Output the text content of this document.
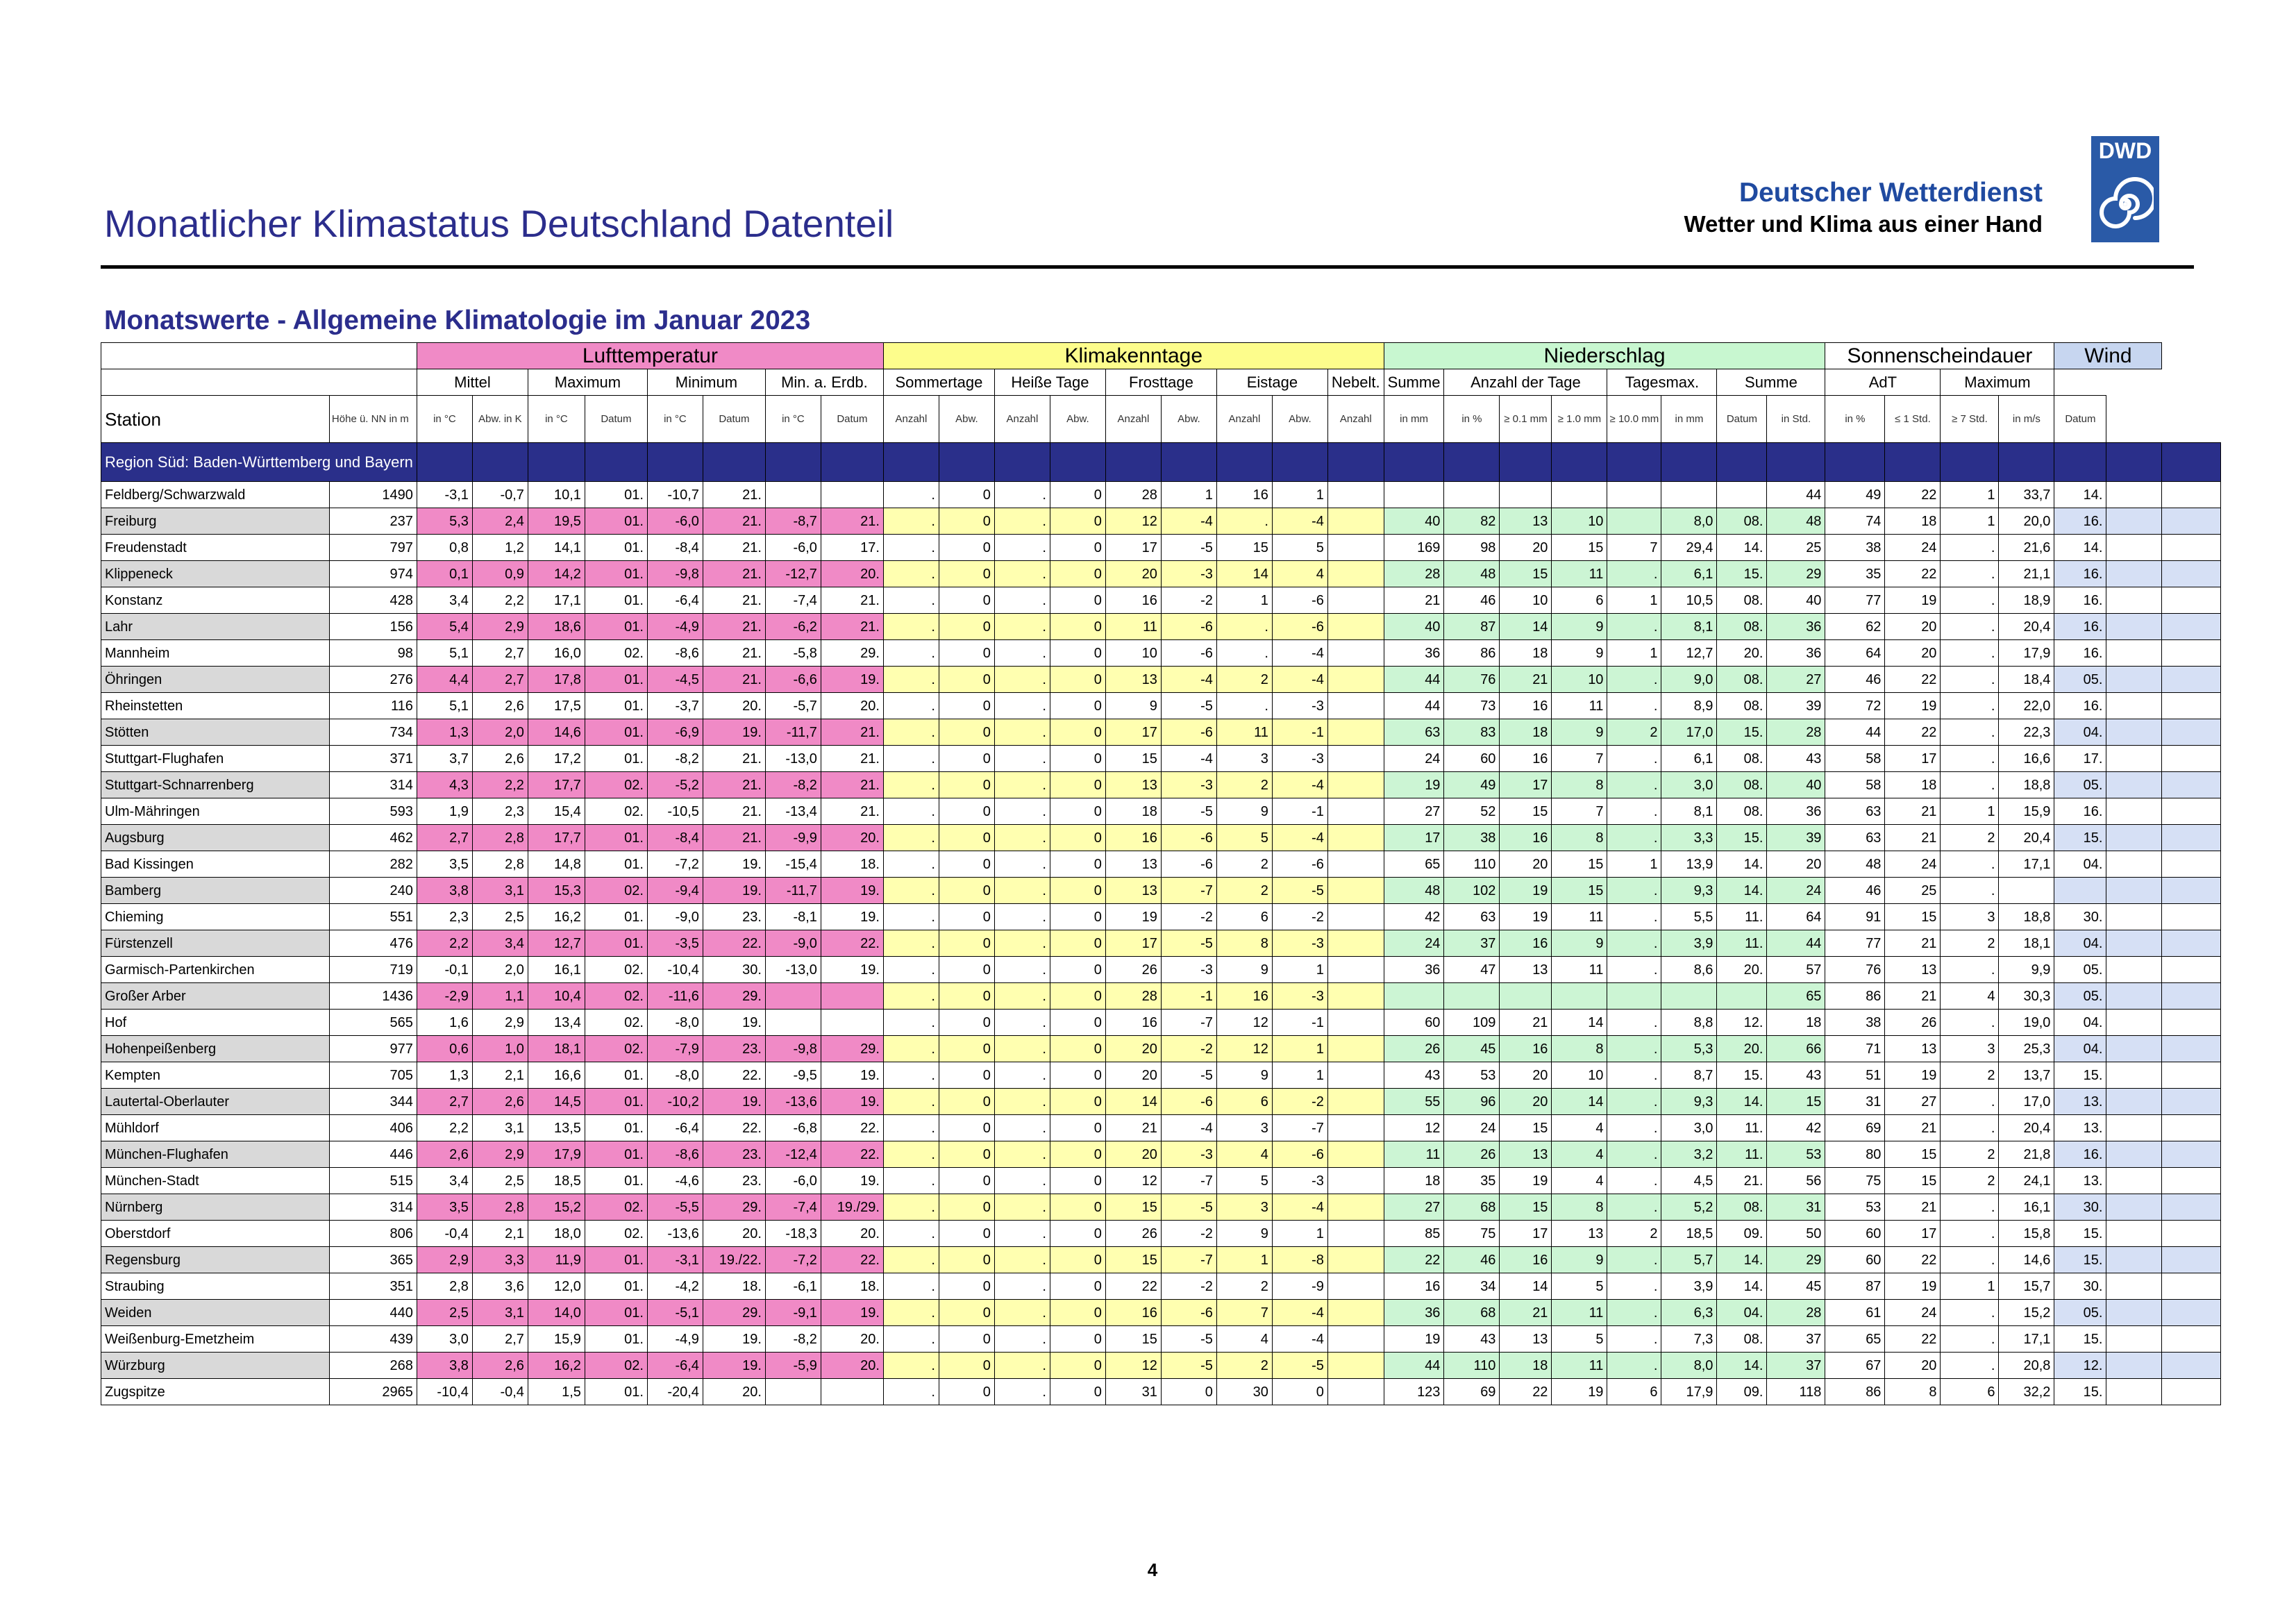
Monatlicher Klimastatus Deutschland Datenteil
Deutscher Wetterdienst
Wetter und Klima aus einer Hand
DWD
Monatswerte - Allgemeine Klimatologie im Januar 2023
		Lufttemperatur								Klimakenntage									Niederschlag								Sonnenscheindauer				Wind		
		Mittel		Maximum		Minimum		Min. a. Erdb.		Sommertage		Heiße Tage		Frosttage		Eistage		Nebelt.	Summe	Anzahl der Tage			Tagesmax.		Summe		AdT		Maximum				
Station	Höhe ü. NN in m	in °C	Abw. in K	in °C	Datum	in °C	Datum	in °C	Datum	Anzahl	Abw.	Anzahl	Abw.	Anzahl	Abw.	Anzahl	Abw.	Anzahl	in mm	in %	≥ 0.1 mm	≥ 1.0 mm	≥ 10.0 mm	in mm	Datum	in Std.	in %	≤ 1 Std.	≥ 7 Std.	in m/s	Datum		
Region Süd: Baden-Württemberg und Bayern																																	
Feldberg/Schwarzwald	1490	-3,1	-0,7	10,1	01.	-10,7	21.			.	0	.	0	28	1	16	1									44	49	22	1	33,7	14.		
Freiburg	237	5,3	2,4	19,5	01.	-6,0	21.	-8,7	21.	.	0	.	0	12	-4	.	-4		40	82	13	10		8,0	08.	48	74	18	1	20,0	16.		
Freudenstadt	797	0,8	1,2	14,1	01.	-8,4	21.	-6,0	17.	.	0	.	0	17	-5	15	5		169	98	20	15	7	29,4	14.	25	38	24	.	21,6	14.		
Klippeneck	974	0,1	0,9	14,2	01.	-9,8	21.	-12,7	20.	.	0	.	0	20	-3	14	4		28	48	15	11	.	6,1	15.	29	35	22	.	21,1	16.		
Konstanz	428	3,4	2,2	17,1	01.	-6,4	21.	-7,4	21.	.	0	.	0	16	-2	1	-6		21	46	10	6	1	10,5	08.	40	77	19	.	18,9	16.		
Lahr	156	5,4	2,9	18,6	01.	-4,9	21.	-6,2	21.	.	0	.	0	11	-6	.	-6		40	87	14	9	.	8,1	08.	36	62	20	.	20,4	16.		
Mannheim	98	5,1	2,7	16,0	02.	-8,6	21.	-5,8	29.	.	0	.	0	10	-6	.	-4		36	86	18	9	1	12,7	20.	36	64	20	.	17,9	16.		
Öhringen	276	4,4	2,7	17,8	01.	-4,5	21.	-6,6	19.	.	0	.	0	13	-4	2	-4		44	76	21	10	.	9,0	08.	27	46	22	.	18,4	05.		
Rheinstetten	116	5,1	2,6	17,5	01.	-3,7	20.	-5,7	20.	.	0	.	0	9	-5	.	-3		44	73	16	11	.	8,9	08.	39	72	19	.	22,0	16.		
Stötten	734	1,3	2,0	14,6	01.	-6,9	19.	-11,7	21.	.	0	.	0	17	-6	11	-1		63	83	18	9	2	17,0	15.	28	44	22	.	22,3	04.		
Stuttgart-Flughafen	371	3,7	2,6	17,2	01.	-8,2	21.	-13,0	21.	.	0	.	0	15	-4	3	-3		24	60	16	7	.	6,1	08.	43	58	17	.	16,6	17.		
Stuttgart-Schnarrenberg	314	4,3	2,2	17,7	02.	-5,2	21.	-8,2	21.	.	0	.	0	13	-3	2	-4		19	49	17	8	.	3,0	08.	40	58	18	.	18,8	05.		
Ulm-Mähringen	593	1,9	2,3	15,4	02.	-10,5	21.	-13,4	21.	.	0	.	0	18	-5	9	-1		27	52	15	7	.	8,1	08.	36	63	21	1	15,9	16.		
Augsburg	462	2,7	2,8	17,7	01.	-8,4	21.	-9,9	20.	.	0	.	0	16	-6	5	-4		17	38	16	8	.	3,3	15.	39	63	21	2	20,4	15.		
Bad Kissingen	282	3,5	2,8	14,8	01.	-7,2	19.	-15,4	18.	.	0	.	0	13	-6	2	-6		65	110	20	15	1	13,9	14.	20	48	24	.	17,1	04.		
Bamberg	240	3,8	3,1	15,3	02.	-9,4	19.	-11,7	19.	.	0	.	0	13	-7	2	-5		48	102	19	15	.	9,3	14.	24	46	25	.				
Chieming	551	2,3	2,5	16,2	01.	-9,0	23.	-8,1	19.	.	0	.	0	19	-2	6	-2		42	63	19	11	.	5,5	11.	64	91	15	3	18,8	30.		
Fürstenzell	476	2,2	3,4	12,7	01.	-3,5	22.	-9,0	22.	.	0	.	0	17	-5	8	-3		24	37	16	9	.	3,9	11.	44	77	21	2	18,1	04.		
Garmisch-Partenkirchen	719	-0,1	2,0	16,1	02.	-10,4	30.	-13,0	19.	.	0	.	0	26	-3	9	1		36	47	13	11	.	8,6	20.	57	76	13	.	9,9	05.		
Großer Arber	1436	-2,9	1,1	10,4	02.	-11,6	29.			.	0	.	0	28	-1	16	-3									65	86	21	4	30,3	05.		
Hof	565	1,6	2,9	13,4	02.	-8,0	19.			.	0	.	0	16	-7	12	-1		60	109	21	14	.	8,8	12.	18	38	26	.	19,0	04.		
Hohenpeißenberg	977	0,6	1,0	18,1	02.	-7,9	23.	-9,8	29.	.	0	.	0	20	-2	12	1		26	45	16	8	.	5,3	20.	66	71	13	3	25,3	04.		
Kempten	705	1,3	2,1	16,6	01.	-8,0	22.	-9,5	19.	.	0	.	0	20	-5	9	1		43	53	20	10	.	8,7	15.	43	51	19	2	13,7	15.		
Lautertal-Oberlauter	344	2,7	2,6	14,5	01.	-10,2	19.	-13,6	19.	.	0	.	0	14	-6	6	-2		55	96	20	14	.	9,3	14.	15	31	27	.	17,0	13.		
Mühldorf	406	2,2	3,1	13,5	01.	-6,4	22.	-6,8	22.	.	0	.	0	21	-4	3	-7		12	24	15	4	.	3,0	11.	42	69	21	.	20,4	13.		
München-Flughafen	446	2,6	2,9	17,9	01.	-8,6	23.	-12,4	22.	.	0	.	0	20	-3	4	-6		11	26	13	4	.	3,2	11.	53	80	15	2	21,8	16.		
München-Stadt	515	3,4	2,5	18,5	01.	-4,6	23.	-6,0	19.	.	0	.	0	12	-7	5	-3		18	35	19	4	.	4,5	21.	56	75	15	2	24,1	13.		
Nürnberg	314	3,5	2,8	15,2	02.	-5,5	29.	-7,4	19./29.	.	0	.	0	15	-5	3	-4		27	68	15	8	.	5,2	08.	31	53	21	.	16,1	30.		
Oberstdorf	806	-0,4	2,1	18,0	02.	-13,6	20.	-18,3	20.	.	0	.	0	26	-2	9	1		85	75	17	13	2	18,5	09.	50	60	17	.	15,8	15.		
Regensburg	365	2,9	3,3	11,9	01.	-3,1	19./22.	-7,2	22.	.	0	.	0	15	-7	1	-8		22	46	16	9	.	5,7	14.	29	60	22	.	14,6	15.		
Straubing	351	2,8	3,6	12,0	01.	-4,2	18.	-6,1	18.	.	0	.	0	22	-2	2	-9		16	34	14	5	.	3,9	14.	45	87	19	1	15,7	30.		
Weiden	440	2,5	3,1	14,0	01.	-5,1	29.	-9,1	19.	.	0	.	0	16	-6	7	-4		36	68	21	11	.	6,3	04.	28	61	24	.	15,2	05.		
Weißenburg-Emetzheim	439	3,0	2,7	15,9	01.	-4,9	19.	-8,2	20.	.	0	.	0	15	-5	4	-4		19	43	13	5	.	7,3	08.	37	65	22	.	17,1	15.		
Würzburg	268	3,8	2,6	16,2	02.	-6,4	19.	-5,9	20.	.	0	.	0	12	-5	2	-5		44	110	18	11	.	8,0	14.	37	67	20	.	20,8	12.		
Zugspitze	2965	-10,4	-0,4	1,5	01.	-20,4	20.			.	0	.	0	31	0	30	0		123	69	22	19	6	17,9	09.	118	86	8	6	32,2	15.		
4
